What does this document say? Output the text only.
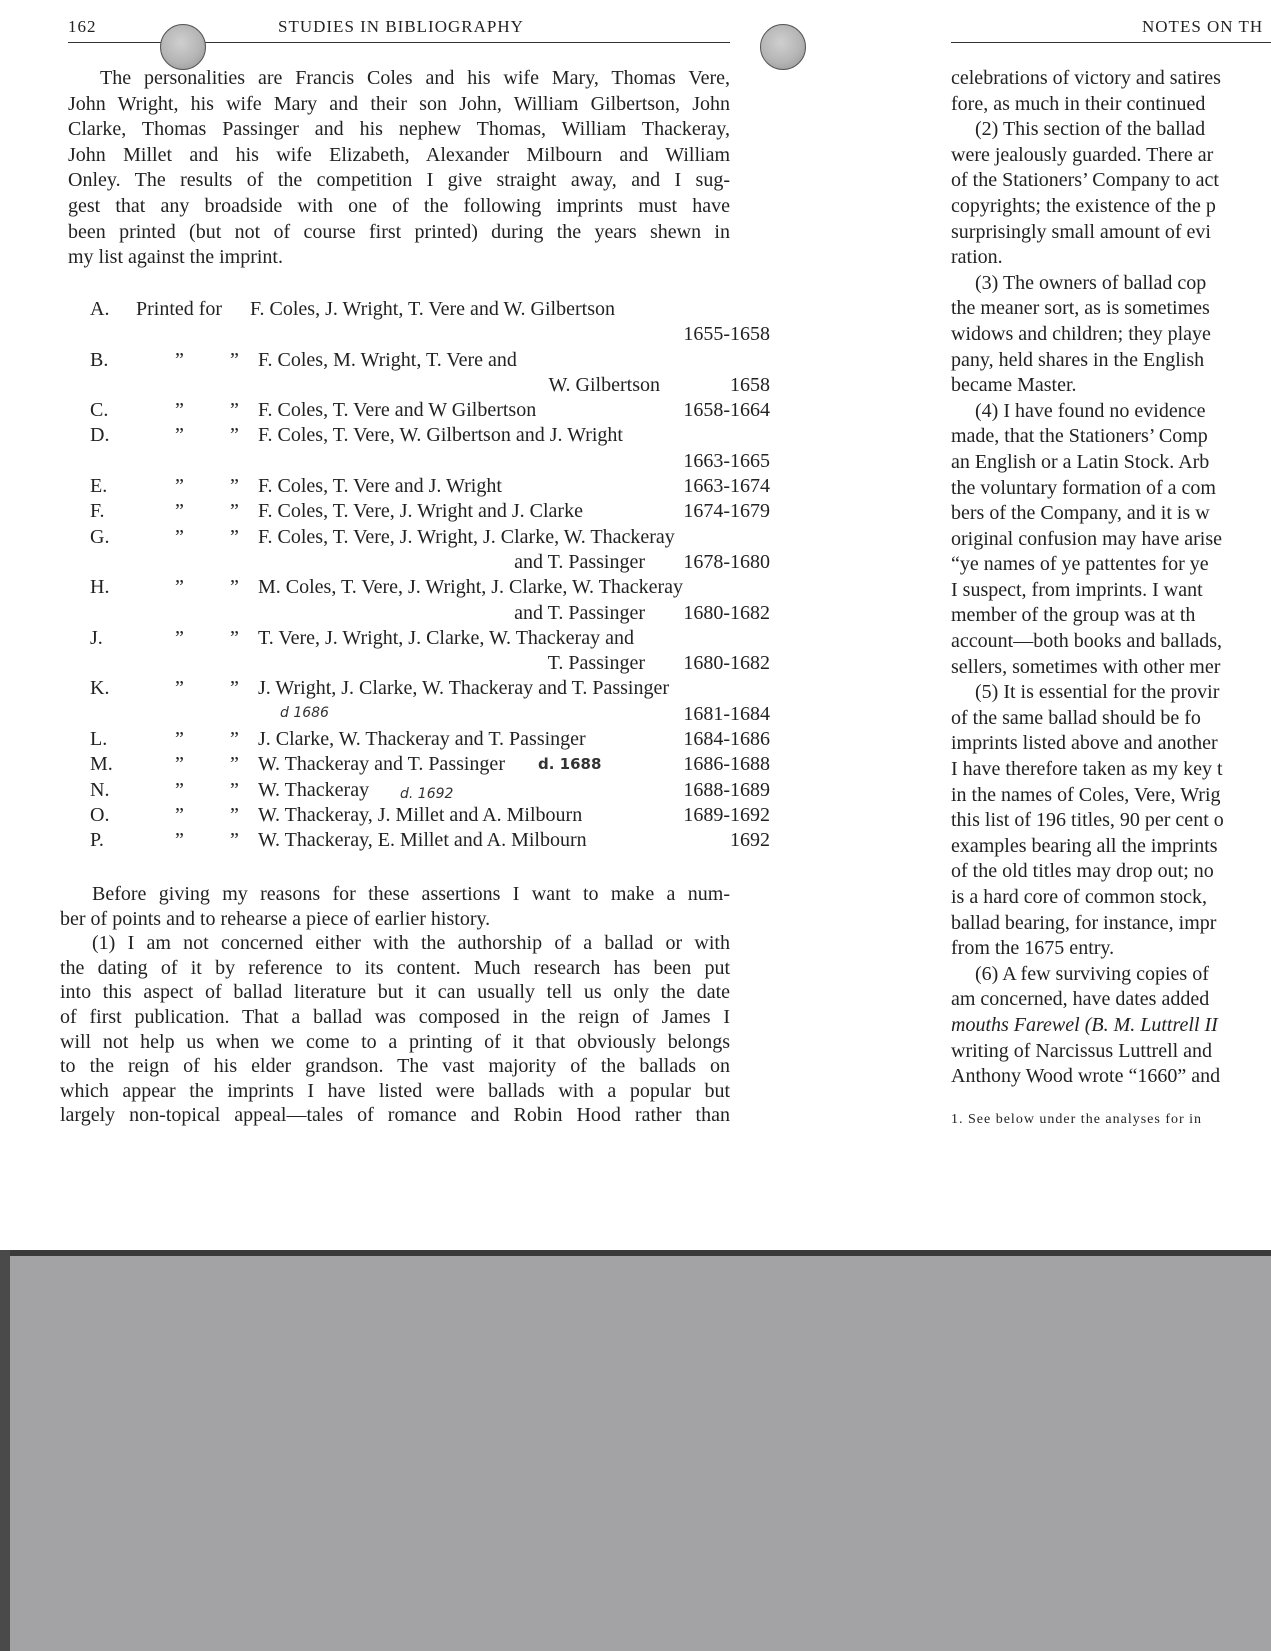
162	STUDIES IN BIBLIOGRAPHY
The personalities are Francis Coles and his wife Mary, Thomas Vere,
John Wright, his wife Mary and their son John, William Gilbertson, John
Clarke, Thomas Passinger and his nephew Thomas, William Thackeray,
John Millet and his wife Elizabeth, Alexander Milbourn and William
Onley. The results of the competition I give straight away, and I sug-
gest that any broadside with one of the following imprints must have
been printed (but not of course first printed) during the years shewn in
my list against the imprint.
A. Printed for F. Coles, J. Wright, T. Vere and W. Gilbertson
1655-1658
B.	” ” F. Coles, M. Wright, T. Vere and
W. Gilbertson	1658
C.	” ” F. Coles, T. Vere and W Gilbertson	1658-1664
D.	” ” F. Coles, T. Vere, W. Gilbertson and J. Wright
1663-1665
E.	” ” F. Coles, T. Vere and J. Wright	1663-1674
F.	” ” F. Coles, T. Vere, J. Wright and J. Clarke	1674-1679
G.	” ” F. Coles, T. Vere, J. Wright, J. Clarke, W. Thackeray
and T. Passinger 1678-1680
H.	” ” M. Coles, T. Vere, J. Wright, J. Clarke, W. Thackeray
and T. Passinger 1680-1682
J.	” ” T. Vere, J. Wright, J. Clarke, W. Thackeray and
T. Passinger 1680-1682
K.	” ” J. Wright, J. Clarke, W. Thackeray and T. Passinger
d 1686	1681-1684
L.	” ” J. Clarke, W. Thackeray and T. Passinger	1684-1686
M.	” ” W. Thackeray and T. Passinger d. 1688	1686-1688
N.	” ” W. Thackeray d. 1692	1688-1689
O.	” ” W. Thackeray, J. Millet and A. Milbourn	1689-1692
P.	” ” W. Thackeray, E. Millet and A. Milbourn	1692
Before giving my reasons for these assertions I want to make a num-
ber of points and to rehearse a piece of earlier history.
(1) I am not concerned either with the authorship of a ballad or with
the dating of it by reference to its content. Much research has been put
into this aspect of ballad literature but it can usually tell us only the date
of first publication. That a ballad was composed in the reign of James I
will not help us when we come to a printing of it that obviously belongs
to the reign of his elder grandson. The vast majority of the ballads on
which appear the imprints I have listed were ballads with a popular but
largely non-topical appeal—tales of romance and Robin Hood rather than
NOTES ON TH
celebrations of victory and satires
fore, as much in their continued
(2) This section of the ballad
were jealously guarded. There ar
of the Stationers’ Company to act
copyrights; the existence of the p
surprisingly small amount of evi
ration.
(3) The owners of ballad cop
the meaner sort, as is sometimes
widows and children; they playe
pany, held shares in the English
became Master.
(4) I have found no evidence
made, that the Stationers’ Comp
an English or a Latin Stock. Arb
the voluntary formation of a com
bers of the Company, and it is w
original confusion may have arise
“ye names of ye pattentes for ye
I suspect, from imprints. I want
member of the group was at th
account—both books and ballads,
sellers, sometimes with other mer
(5) It is essential for the provir
of the same ballad should be fo
imprints listed above and another
I have therefore taken as my key t
in the names of Coles, Vere, Wrig
this list of 196 titles, 90 per cent o
examples bearing all the imprints
of the old titles may drop out; no
is a hard core of common stock,
ballad bearing, for instance, impr
from the 1675 entry.
(6) A few surviving copies of
am concerned, have dates added
mouths Farewel (B. M. Luttrell II
writing of Narcissus Luttrell and
Anthony Wood wrote “1660” and
1. See below under the analyses for in
